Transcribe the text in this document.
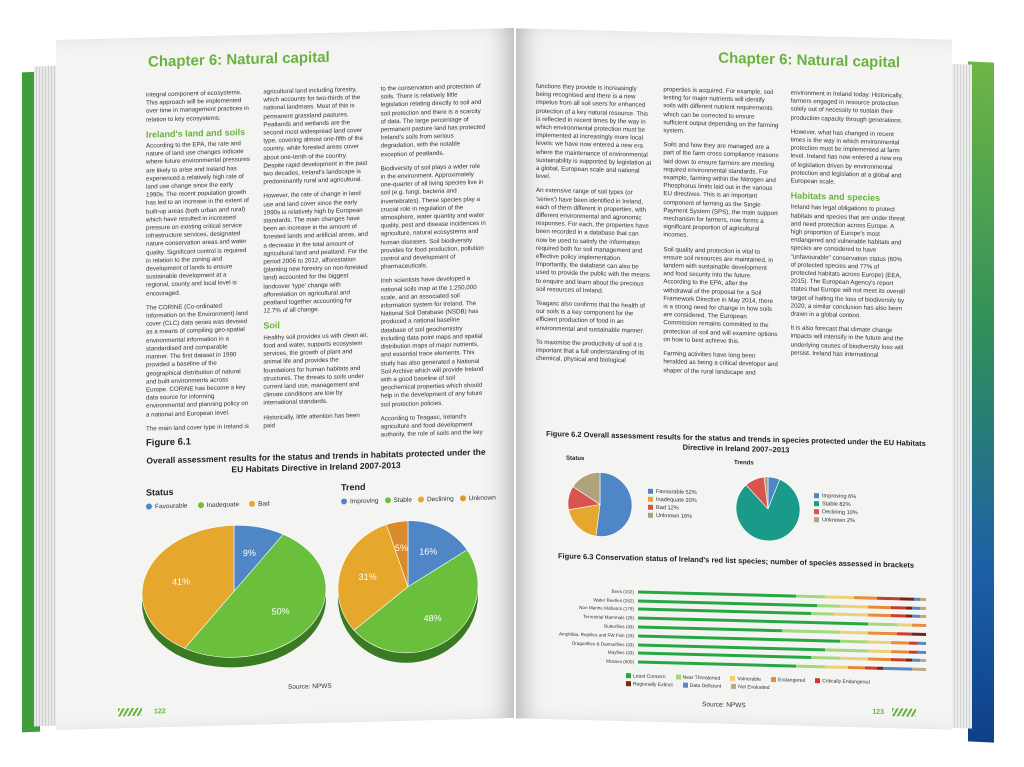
Chapter 6: Natural capital

integral component of ecosystems. This approach will be implemented over time in management practices in relation to key ecosystems.

Ireland's land and soils

According to the EPA, the rate and nature of land use changes indicate where future environmental pressures are likely to arise and Ireland has experienced a relatively high rate of land use change since the early 1990s. The recent population growth has led to an increase in the extent of built-up areas (both urban and rural) which have resulted in increased pressure on existing critical service infrastructure services, designated nature conservation areas and water quality. Significant control is required in relation to the zoning and development of lands to ensure sustainable development at a regional, county and local level is encouraged.

The CORINE (Co-ordinated Information on the Environment) land cover (CLC) data series was devised as a means of compiling geo-spatial environmental information in a standardised and comparable manner. The first dataset in 1990 provided a baseline of the geographical distribution of natural and built environments across Europe. CORINE has become a key data source for informing environmental and planning policy on a national and European level.

The main land cover type in Ireland is

agricultural land including forestry, which accounts for two-thirds of the national landmass. Most of this is permanent grassland pastures. Peatlands and wetlands are the second most widespread land cover type, covering almost one-fifth of the country, while forested areas cover about one-tenth of the country. Despite rapid development in the past two decades, Ireland's landscape is predominantly rural and agricultural.

However, the rate of change in land use and land cover since the early 1990s is relatively high by European standards. The main changes have been an increase in the amount of forested lands and artificial areas, and a decrease in the total amount of agricultural land and peatland. For the period 2006 to 2012, afforestation (planting new forestry on non-forested land) accounted for the biggest landcover 'type' change with afforestation on agricultural and peatland together accounting for 12.7% of all change.

Soil

Healthy soil provides us with clean air, food and water, supports ecosystem services, the growth of plant and animal life and provides the foundations for human habitats and structures. The threats to soils under current land use, management and climate conditions are low by international standards.

Historically, little attention has been paid

to the conservation and protection of soils. There is relatively little legislation relating directly to soil and soil protection and there is a scarcity of data. The large percentage of permanent pasture land has protected Ireland's soils from serious degradation, with the notable exception of peatlands.

Biodiversity of soil plays a wider role in the environment. Approximately one-quarter of all living species live in soil (e.g. fungi, bacteria and invertebrates). These species play a crucial role in regulation of the atmosphere, water quantity and water quality, pest and disease incidences in agriculture, natural ecosystems and human diseases. Soil biodiversity provides for food production, pollution control and development of pharmaceuticals.

Irish scientists have developed a national soils map at the 1:250,000 scale, and an associated soil information system for Ireland. The National Soil Database (NSDB) has produced a national baseline database of soil geochemistry including data point maps and spatial distribution maps of major nutrients, and essential trace elements. This study has also generated a National Soil Archive which will provide Ireland with a good baseline of soil geochemical properties which should help in the development of any future soil protection policies.

According to Teagasc, Ireland's agriculture and food development authority, the role of soils and the key

Figure 6.1
Overall assessment results for the status and trends in habitats protected under the EU Habitats Directive in Ireland 2007-2013
Status
Favourable	Inadequate	Bad
Trend
Improving	Stable	Declining	Unknown
9%
50%
41%
16%
48%
31%
5%
Source: NPWS
122
Chapter 6: Natural capital

functions they provide is increasingly being recognised and there is a new impetus from all soil users for enhanced protection of a key natural resource. This is reflected in recent times by the way in which environmental protection must be implemented at increasingly more local levels: we have now entered a new era where the maintenance of environmental sustainability is supported by legislation at a global, European scale and national level.

An extensive range of soil types (or 'series') have been identified in Ireland, each of them different in properties, with different environmental and agronomic responses. For each, the properties have been recorded in a database that can now be used to satisfy the information required both for soil management and effective policy implementation. Importantly, the database can also be used to provide the public with the means to enquire and learn about the precious soil resources of Ireland.

Teagasc also confirms that the health of our soils is a key component for the efficient production of food in an environmental and sustainable manner.

To maximise the productivity of soil it is important that a full understanding of its chemical, physical and biological

properties is acquired. For example, soil testing for major nutrients will identify soils with different nutrient requirements which can be corrected to ensure sufficient output depending on the farming system.

Soils and how they are managed are a part of the farm cross compliance reasons laid down to ensure farmers are meeting required environmental standards. For example, farming within the Nitrogen and Phosphorus limits laid out in the various EU directives. This is an important component of farming as the Single Payment System (SPS), the main support mechanism for farmers, now forms a significant proportion of agricultural incomes.

Soil quality and protection is vital to ensure soil resources are maintained, in tandem with sustainable development and food security into the future. According to the EPA, after the withdrawal of the proposal for a Soil Framework Directive in May 2014, there is a strong need for change in how soils are considered. The European Commission remains committed to the protection of soil and will examine options on how to best achieve this.

Farming activities have long been heralded as being a critical developer and shaper of the rural landscape and

environment in Ireland today. Historically, farmers engaged in resource protection solely out of necessity to sustain their production capacity through generations.

However, what has changed in recent times is the way in which environmental protection must be implemented at farm level. Ireland has now entered a new era of legislation driven by environmental protection and legislation at a global and European scale.

Habitats and species

Ireland has legal obligations to protect habitats and species that are under threat and need protection across Europe. A high proportion of Europe's most endangered and vulnerable habitats and species are considered to have "unfavourable" conservation status (60% of protected species and 77% of protected habitats across Europe) (EEA, 2015). The European Agency's report states that Europe will not meet its overall target of halting the loss of biodiversity by 2020; a similar conclusion has also been drawn in a global context.

It is also forecast that climate change impacts will intensify in the future and the underlying causes of biodiversity loss will persist. Ireland has international

Figure 6.2 Overall assessment results for the status and trends in species protected under the EU Habitats Directive in Ireland 2007–2013
Status
Favourable 52%
Inadequate 20%
Bad 12%
Unknown 16%
Trends
Improving 6%
Stable 82%
Declining 10%
Unknown 2%
Figure 6.3 Conservation status of Ireland's red list species; number of species assessed in brackets
Bees (102)
Water Beetles (262)
Non Marine Molluscs (179)
Terrestrial Mammals (26)
Butterflies (43)
Amphibia, Reptiles and FW Fish (29)
Dragonflies & Damselflies (33)
Mayflies (33)
Mosses (600)
Least Concern	Near Threatened	Vulnerable	Endangered	Critically Endangered
Regionally Extinct	Data Deficient	Not Evaluated
Source: NPWS
123
